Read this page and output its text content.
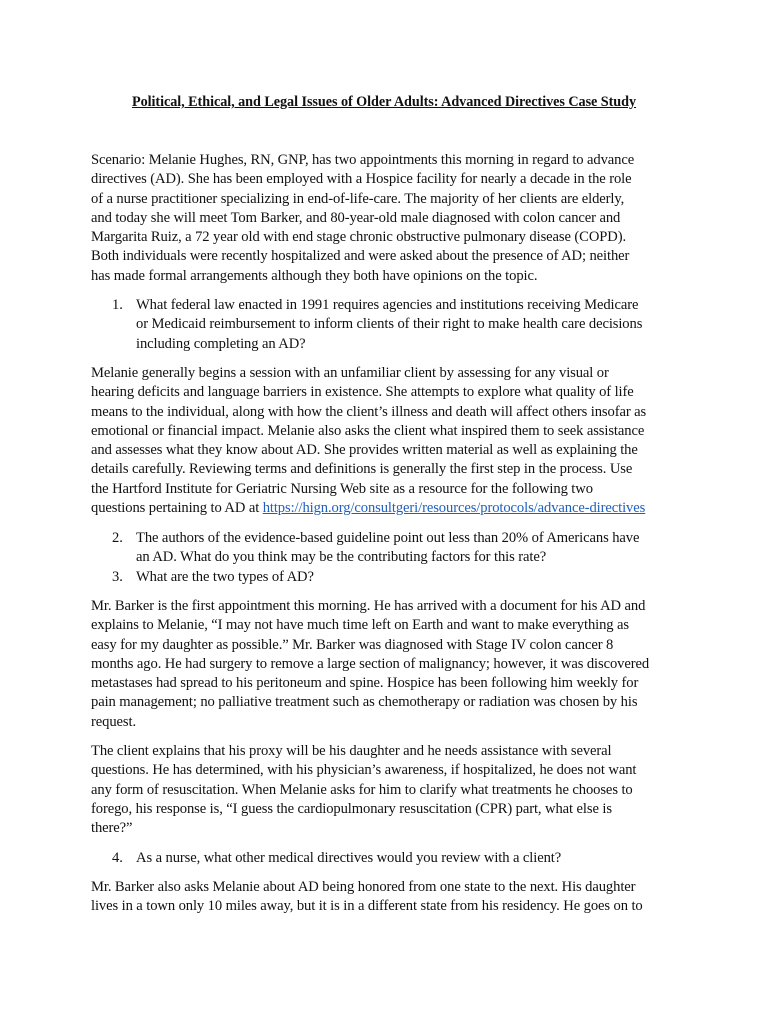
Political, Ethical, and Legal Issues of Older Adults: Advanced Directives Case Study
Scenario: Melanie Hughes, RN, GNP, has two appointments this morning in regard to advance
directives (AD). She has been employed with a Hospice facility for nearly a decade in the role
of a nurse practitioner specializing in end-of-life-care. The majority of her clients are elderly,
and today she will meet Tom Barker, and 80-year-old male diagnosed with colon cancer and
Margarita Ruiz, a 72 year old with end stage chronic obstructive pulmonary disease (COPD).
Both individuals were recently hospitalized and were asked about the presence of AD; neither
has made formal arrangements although they both have opinions on the topic.
1. What federal law enacted in 1991 requires agencies and institutions receiving Medicare
or Medicaid reimbursement to inform clients of their right to make health care decisions
including completing an AD?
Melanie generally begins a session with an unfamiliar client by assessing for any visual or
hearing deficits and language barriers in existence. She attempts to explore what quality of life
means to the individual, along with how the client’s illness and death will affect others insofar as
emotional or financial impact. Melanie also asks the client what inspired them to seek assistance
and assesses what they know about AD. She provides written material as well as explaining the
details carefully. Reviewing terms and definitions is generally the first step in the process. Use
the Hartford Institute for Geriatric Nursing Web site as a resource for the following two
questions pertaining to AD at https://hign.org/consultgeri/resources/protocols/advance-directives
2. The authors of the evidence-based guideline point out less than 20% of Americans have
an AD. What do you think may be the contributing factors for this rate?
3. What are the two types of AD?
Mr. Barker is the first appointment this morning. He has arrived with a document for his AD and
explains to Melanie, “I may not have much time left on Earth and want to make everything as
easy for my daughter as possible.” Mr. Barker was diagnosed with Stage IV colon cancer 8
months ago. He had surgery to remove a large section of malignancy; however, it was discovered
metastases had spread to his peritoneum and spine. Hospice has been following him weekly for
pain management; no palliative treatment such as chemotherapy or radiation was chosen by his
request.
The client explains that his proxy will be his daughter and he needs assistance with several
questions. He has determined, with his physician’s awareness, if hospitalized, he does not want
any form of resuscitation. When Melanie asks for him to clarify what treatments he chooses to
forego, his response is, “I guess the cardiopulmonary resuscitation (CPR) part, what else is
there?”
4. As a nurse, what other medical directives would you review with a client?
Mr. Barker also asks Melanie about AD being honored from one state to the next. His daughter
lives in a town only 10 miles away, but it is in a different state from his residency. He goes on to
